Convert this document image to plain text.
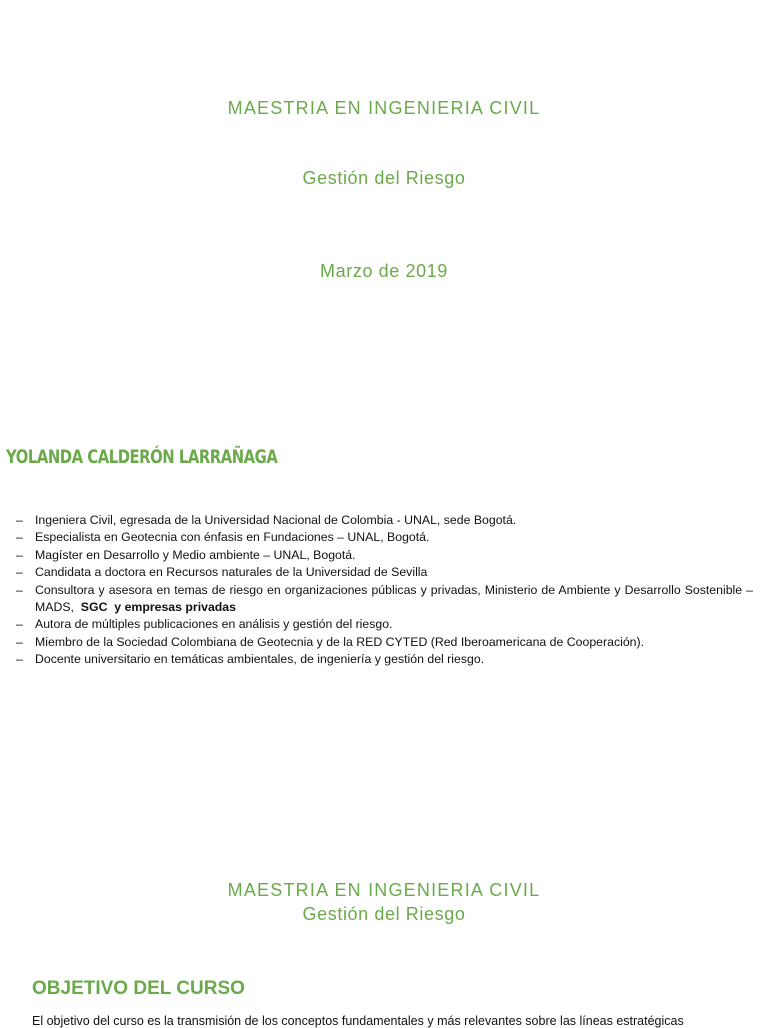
MAESTRIA EN INGENIERIA CIVIL
Gestión del Riesgo
Marzo de 2019
YOLANDA CALDERÓN LARRAÑAGA
– Ingeniera Civil, egresada de la Universidad Nacional de Colombia - UNAL, sede Bogotá.
– Especialista en Geotecnia con énfasis en Fundaciones – UNAL, Bogotá.
– Magíster en Desarrollo y Medio ambiente – UNAL, Bogotá.
– Candidata a doctora en Recursos naturales de la Universidad de Sevilla
– Consultora y asesora en temas de riesgo en organizaciones públicas y privadas, Ministerio de Ambiente y Desarrollo Sostenible – MADS, SGC y empresas privadas
– Autora de múltiples publicaciones en análisis y gestión del riesgo.
– Miembro de la Sociedad Colombiana de Geotecnia y de la RED CYTED (Red Iberoamericana de Cooperación).
– Docente universitario en temáticas ambientales, de ingeniería y gestión del riesgo.
MAESTRIA EN INGENIERIA CIVIL
Gestión del Riesgo
OBJETIVO DEL CURSO
El objetivo del curso es la transmisión de los conceptos fundamentales y más relevantes sobre las líneas estratégicas
